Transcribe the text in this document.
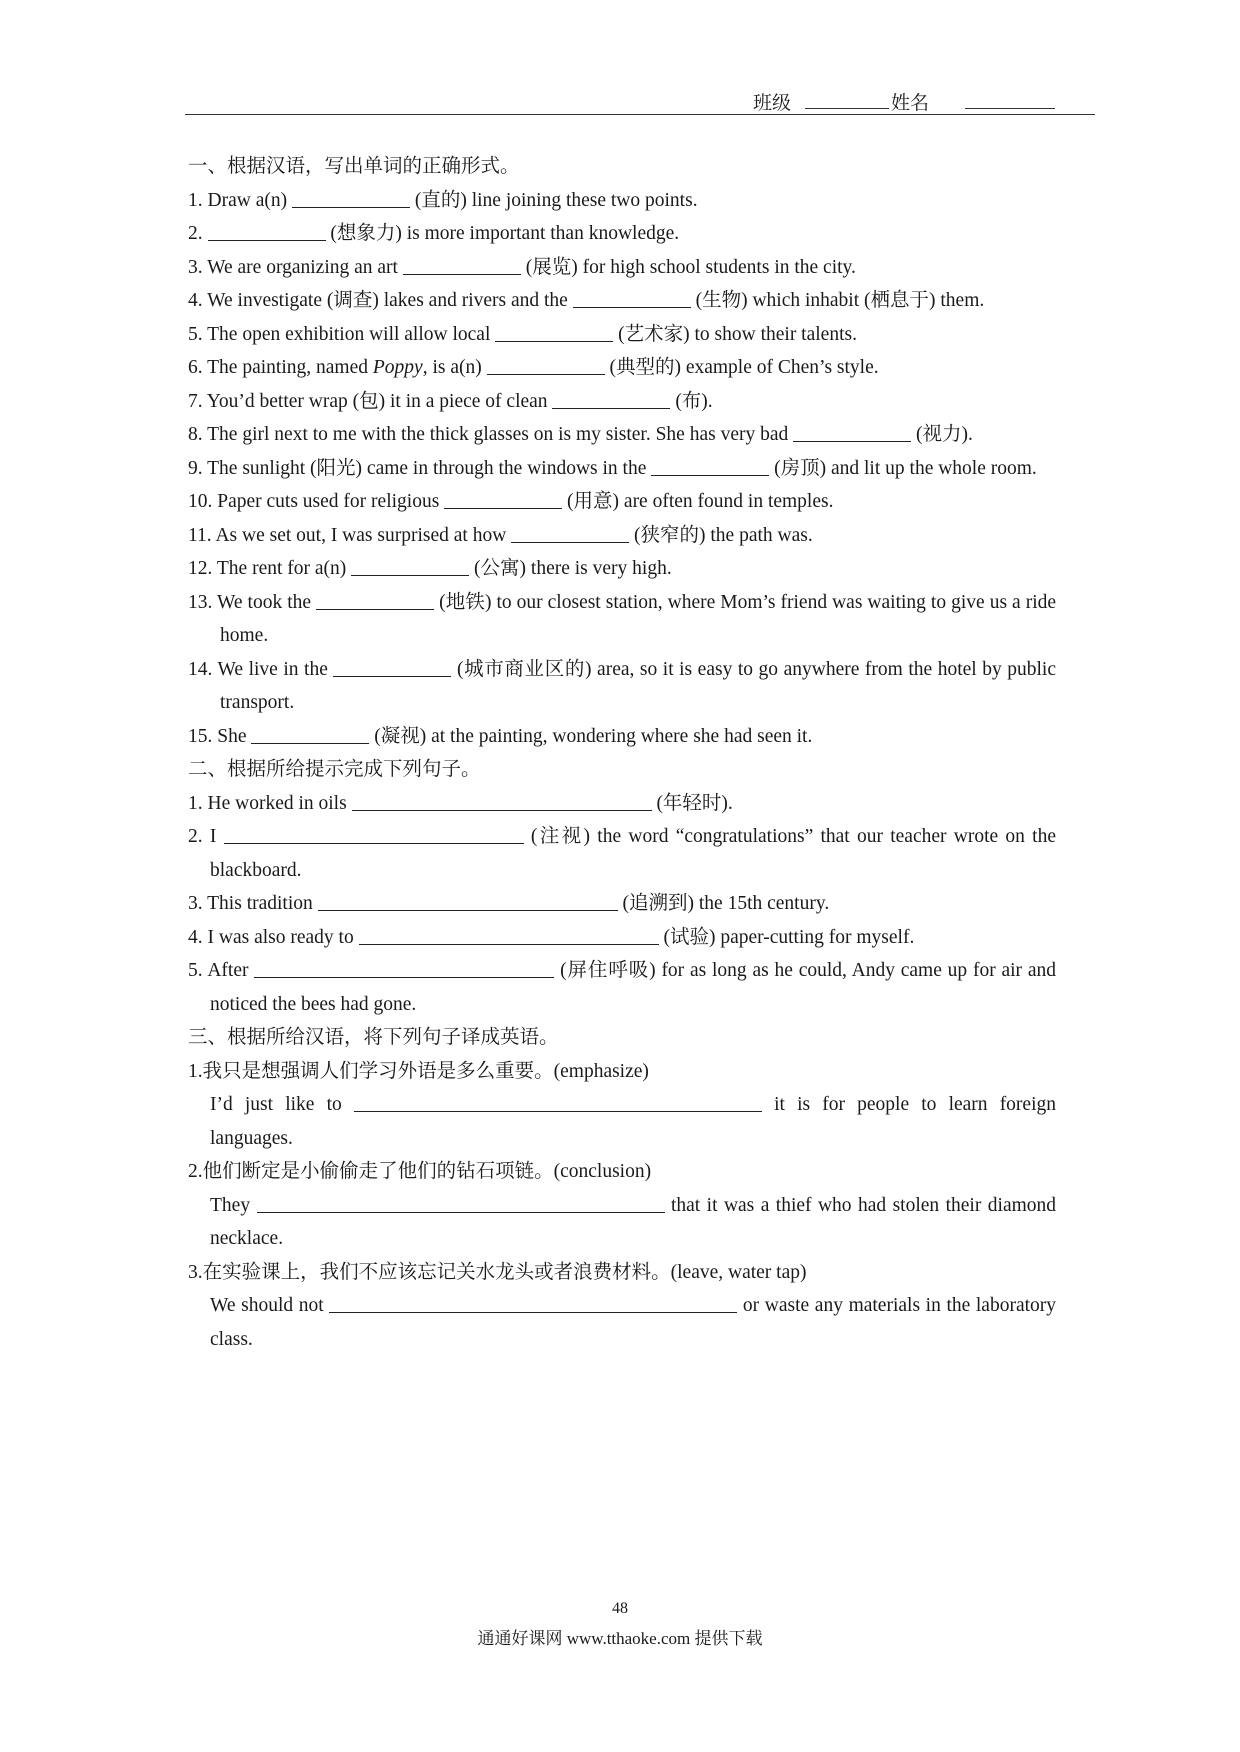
班级	姓名

一、根据汉语，写出单词的正确形式。

1. Draw a(n)	(直的) line joining these two points.

2.	(想象力) is more important than knowledge.

3. We are organizing an art	(展览) for high school students in the city.

4. We investigate (调查) lakes and rivers and the	(生物) which inhabit (栖息于) them.

5. The open exhibition will allow local	(艺术家) to show their talents.

6. The painting, named Poppy, is a(n)	(典型的) example of Chen’s style.

7. You’d better wrap (包) it in a piece of clean	(布).

8. The girl next to me with the thick glasses on is my sister. She has very bad	(视力).

9. The sunlight (阳光) came in through the windows in the	(房顶) and lit up the whole room.

10. Paper cuts used for religious	(用意) are often found in temples.

11. As we set out, I was surprised at how	(狭窄的) the path was.

12. The rent for a(n)	(公寓) there is very high.

13. We took the	(地铁) to our closest station, where Mom’s friend was waiting to give us a ride home.

14. We live in the	(城市商业区的) area, so it is easy to go anywhere from the hotel by public transport.

15. She	(凝视) at the painting, wondering where she had seen it.

二、根据所给提示完成下列句子。

1. He worked in oils	(年轻时).

2. I	(注视) the word “congratulations” that our teacher wrote on the blackboard.

3. This tradition	(追溯到) the 15th century.

4. I was also ready to	(试验) paper-cutting for myself.

5. After	(屏住呼吸) for as long as he could, Andy came up for air and noticed the bees had gone.

三、根据所给汉语，将下列句子译成英语。

1.我只是想强调人们学习外语是多么重要。(emphasize)

I’d just like to	it is for people to learn foreign languages.

2.他们断定是小偷偷走了他们的钻石项链。(conclusion)

They	that it was a thief who had stolen their diamond necklace.

3.在实验课上，我们不应该忘记关水龙头或者浪费材料。(leave, water tap)

We should not	or waste any materials in the laboratory class.

48
通通好课网 www.tthaoke.com 提供下载
